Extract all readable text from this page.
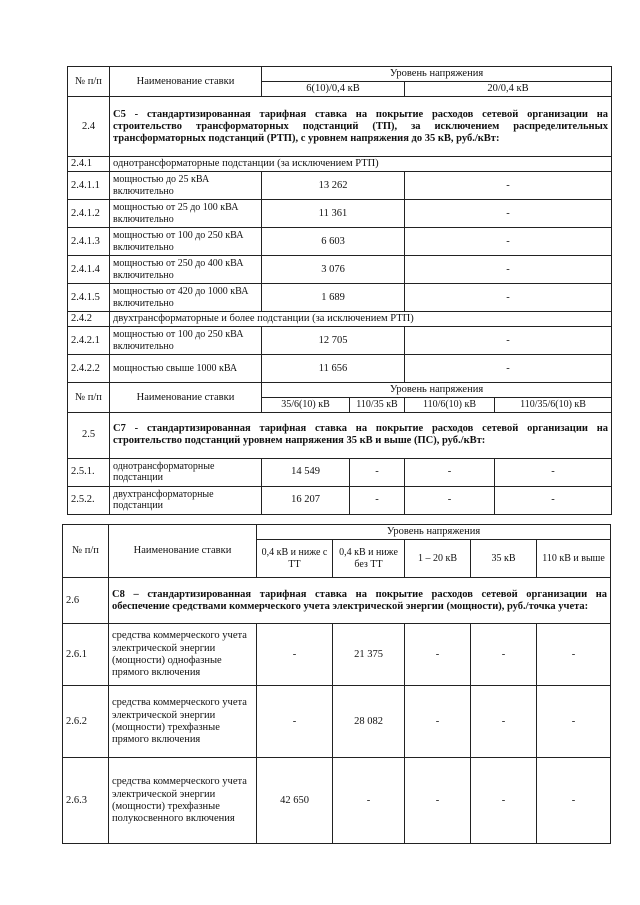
№ п/п	Наименование ставки	Уровень напряжения			
		6(10)/0,4 кВ		20/0,4 кВ	
2.4	С5 - стандартизированная тарифная ставка на покрытие расходов сетевой организации на строительство трансформаторных подстанций (ТП), за исключением распределительных трансформаторных подстанций (РТП), с уровнем напряжения до 35 кВ, руб./кВт:				
2.4.1	однотрансформаторные подстанции (за исключением РТП)				
2.4.1.1	мощностью до 25 кВА включительно	13 262		-	
2.4.1.2	мощностью от 25 до 100 кВА включительно	11 361		-	
2.4.1.3	мощностью от 100 до 250 кВА включительно	6 603		-	
2.4.1.4	мощностью от 250 до 400 кВА включительно	3 076		-	
2.4.1.5	мощностью от 420 до 1000 кВА включительно	1 689		-	
2.4.2	двухтрансформаторные и более подстанции (за исключением РТП)				
2.4.2.1	мощностью от 100 до 250 кВА включительно	12 705		-	
2.4.2.2	мощностью свыше 1000 кВА	11 656		-	
№ п/п	Наименование ставки	Уровень напряжения			
		35/6(10) кВ	110/35 кВ	110/6(10) кВ	110/35/6(10) кВ
2.5	С7 - стандартизированная тарифная ставка на покрытие расходов сетевой организации на строительство подстанций уровнем напряжения 35 кВ и выше (ПС), руб./кВт:				
2.5.1.	однотрансформаторные подстанции	14 549	-	-	-
2.5.2.	двухтрансформаторные подстанции	16 207	-	-	-
№ п/п	Наименование ставки	Уровень напряжения				
		0,4 кВ и ниже с ТТ	0,4 кВ и ниже без ТТ	1 – 20 кВ	35 кВ	110 кВ и выше
2.6	С8 – стандартизированная тарифная ставка на покрытие расходов сетевой организации на обеспечение средствами коммерческого учета электрической энергии (мощности), руб./точка учета:					
2.6.1	средства коммерческого учета электрической энергии (мощности) однофазные прямого включения	-	21 375	-	-	-
2.6.2	средства коммерческого учета электрической энергии (мощности) трехфазные прямого включения	-	28 082	-	-	-
2.6.3	средства коммерческого учета электрической энергии (мощности) трехфазные полукосвенного включения	42 650	-	-	-	-
